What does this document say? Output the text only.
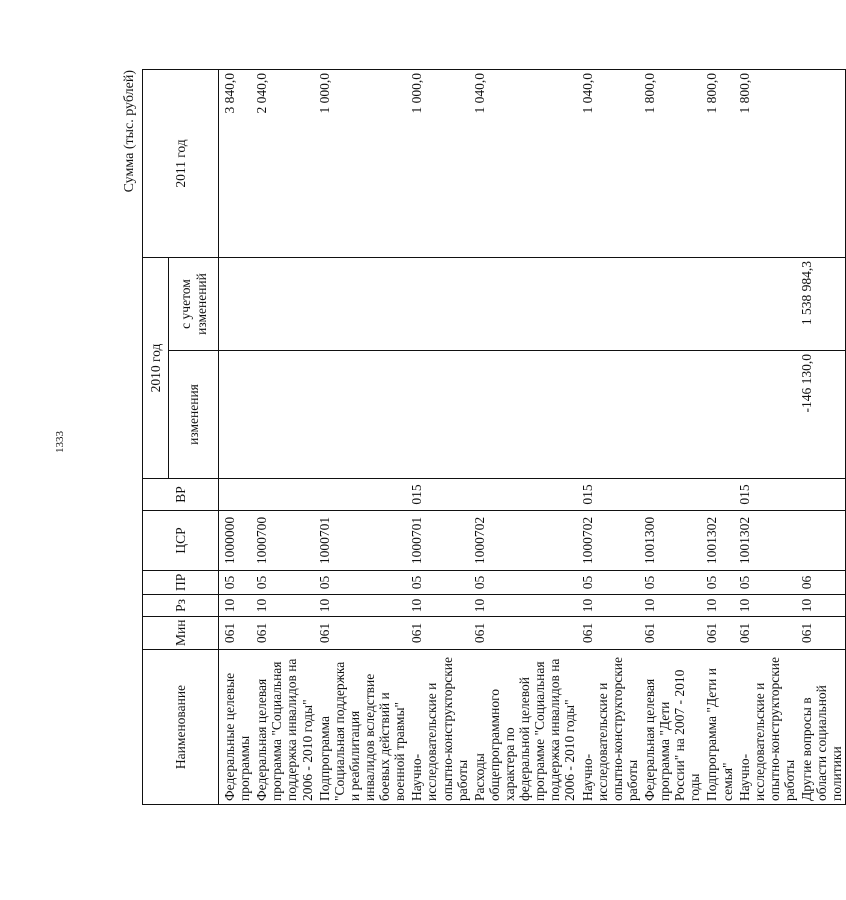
1333
Сумма (тыс. рублей)
Наименование	Мин	Рз	ПР	ЦСР	ВР	2010 год		2011 год
						изменения	с учетом изменений	
Федеральные целевые программы	061	10	05	1000000				3 840,0
Федеральная целевая программа "Социальная поддержка инвалидов на 2006 - 2010 годы"	061	10	05	1000700				2 040,0
Подпрограмма "Социальная поддержка и реабилитация инвалидов вследствие боевых действий и военной травмы"	061	10	05	1000701				1 000,0
Научно-исследовательские и опытно-конструкторские работы	061	10	05	1000701	015			1 000,0
Расходы общепрограммного характера по федеральной целевой программе "Социальная поддержка инвалидов на 2006 - 2010 годы"	061	10	05	1000702				1 040,0
Научно-исследовательские и опытно-конструкторские работы	061	10	05	1000702	015			1 040,0
Федеральная целевая программа "Дети России" на 2007 - 2010 годы	061	10	05	1001300				1 800,0
Подпрограмма "Дети и семья"	061	10	05	1001302				1 800,0
Научно-исследовательские и опытно-конструкторские работы	061	10	05	1001302	015			1 800,0
Другие вопросы в области социальной политики	061	10	06			-146 130,0	1 538 984,3	
